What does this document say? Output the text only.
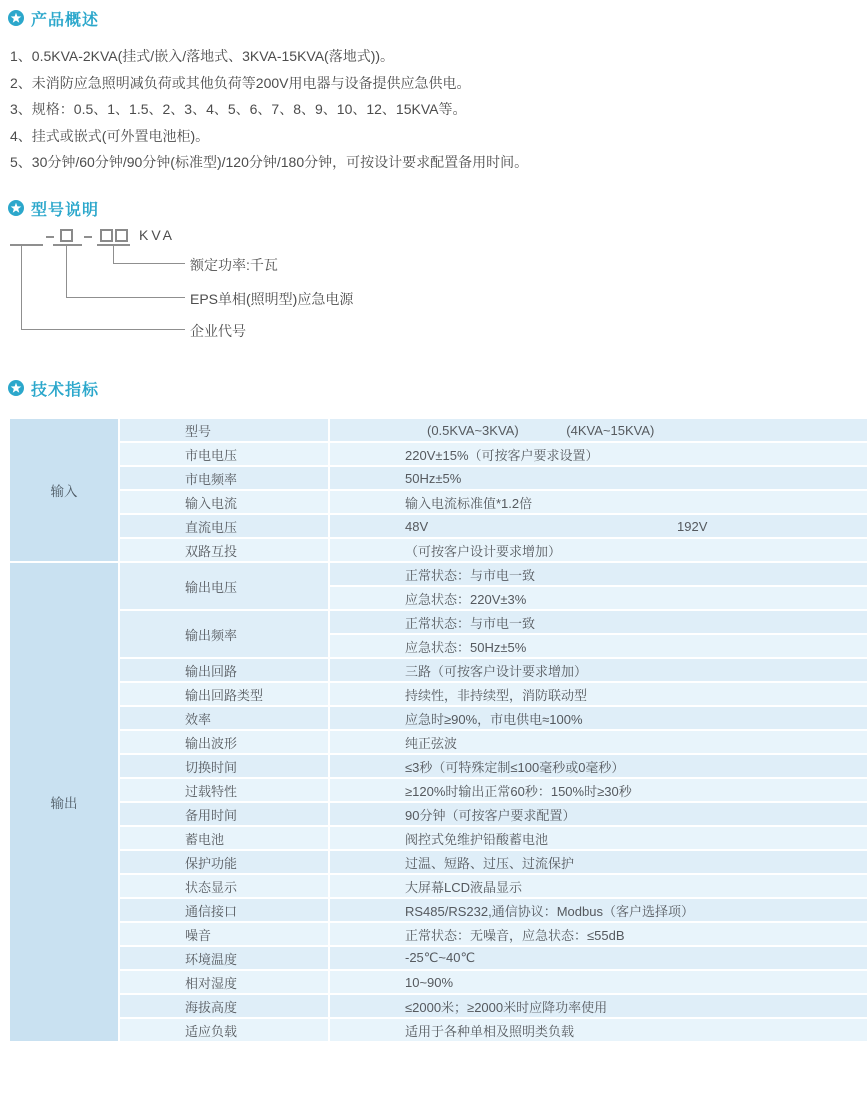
产品概述
1、0.5KVA-2KVA(挂式/嵌入/落地式、3KVA-15KVA(落地式))。
2、未消防应急照明减负荷或其他负荷等200V用电器与设备提供应急供电。
3、规格：0.5、1、1.5、2、3、4、5、6、7、8、9、10、12、15KVA等。
4、挂式或嵌式(可外置电池柜)。
5、30分钟/60分钟/90分钟(标准型)/120分钟/180分钟，可按设计要求配置备用时间。
型号说明
KVA
额定功率:千瓦
EPS单相(照明型)应急电源
企业代号
技术指标
输入	型号	(0.5KVA~3KVA) (4KVA~15KVA)
	市电电压	220V±15%（可按客户要求设置）
	市电频率	50Hz±5%
	输入电流	输入电流标准值*1.2倍
	直流电压	48V 192V
	双路互投	（可按客户设计要求增加）
输出	输出电压	正常状态：与市电一致
		应急状态：220V±3%
	输出频率	正常状态：与市电一致
		应急状态：50Hz±5%
	输出回路	三路（可按客户设计要求增加）
	输出回路类型	持续性，非持续型，消防联动型
	效率	应急时≥90%，市电供电≈100%
	输出波形	纯正弦波
	切换时间	≤3秒（可特殊定制≤100毫秒或0毫秒）
	过载特性	≥120%时输出正常60秒：150%时≥30秒
	备用时间	90分钟（可按客户要求配置）
	蓄电池	阀控式免维护铅酸蓄电池
	保护功能	过温、短路、过压、过流保护
	状态显示	大屏幕LCD液晶显示
	通信接口	RS485/RS232,通信协议：Modbus（客户选择项）
	噪音	正常状态：无噪音，应急状态：≤55dB
	环境温度	-25℃~40℃
	相对湿度	10~90%
	海拔高度	≤2000米；≥2000米时应降功率使用
	适应负载	适用于各种单相及照明类负载
